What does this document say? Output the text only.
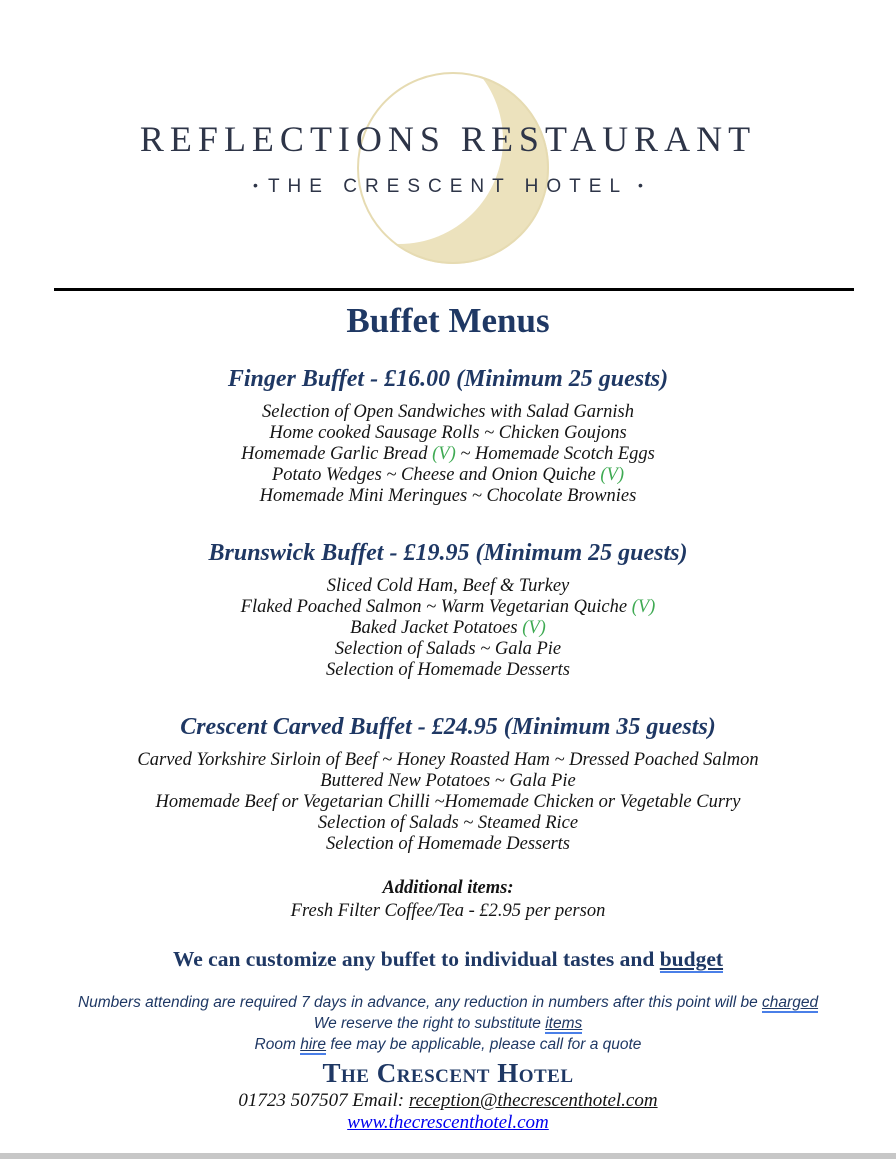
REFLECTIONS RESTAURANT
• THE CRESCENT HOTEL •
Buffet Menus
Finger Buffet - £16.00 (Minimum 25 guests)

Selection of Open Sandwiches with Salad Garnish

Home cooked Sausage Rolls ~ Chicken Goujons

Homemade Garlic Bread (V) ~ Homemade Scotch Eggs

Potato Wedges ~ Cheese and Onion Quiche (V)

Homemade Mini Meringues ~ Chocolate Brownies

Brunswick Buffet - £19.95 (Minimum 25 guests)

Sliced Cold Ham, Beef & Turkey

Flaked Poached Salmon ~ Warm Vegetarian Quiche (V)

Baked Jacket Potatoes (V)

Selection of Salads ~ Gala Pie

Selection of Homemade Desserts

Crescent Carved Buffet - £24.95 (Minimum 35 guests)

Carved Yorkshire Sirloin of Beef ~ Honey Roasted Ham ~ Dressed Poached Salmon

Buttered New Potatoes ~ Gala Pie

Homemade Beef or Vegetarian Chilli ~Homemade Chicken or Vegetable Curry

Selection of Salads ~ Steamed Rice

Selection of Homemade Desserts

Additional items:

Fresh Filter Coffee/Tea - £2.95 per person

We can customize any buffet to individual tastes and budget

Numbers attending are required 7 days in advance, any reduction in numbers after this point will be charged

We reserve the right to substitute items

Room hire fee may be applicable, please call for a quote

The Crescent Hotel

01723 507507 Email: reception@thecrescenthotel.com

www.thecrescenthotel.com
